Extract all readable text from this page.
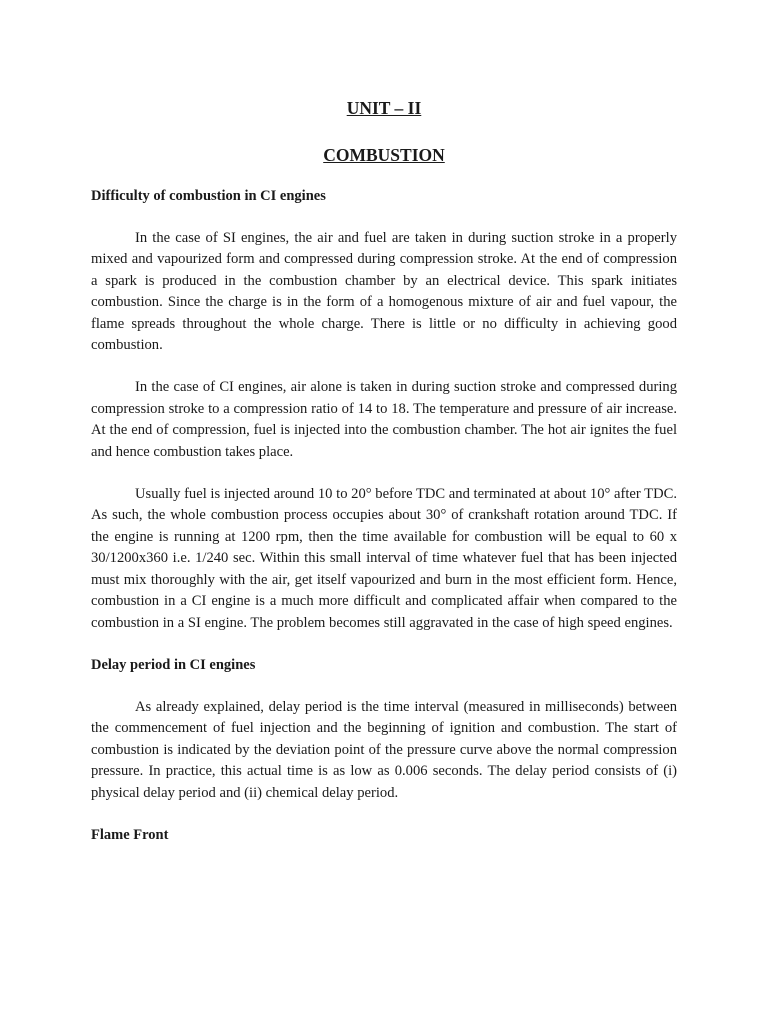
UNIT – II
COMBUSTION
Difficulty of combustion in CI engines

In the case of SI engines, the air and fuel are taken in during suction stroke in a properly mixed and vapourized form and compressed during compression stroke. At the end of compression a spark is produced in the combustion chamber by an electrical device. This spark initiates combustion. Since the charge is in the form of a homogenous mixture of air and fuel vapour, the flame spreads throughout the whole charge. There is little or no difficulty in achieving good combustion.

In the case of CI engines, air alone is taken in during suction stroke and compressed during compression stroke to a compression ratio of 14 to 18. The temperature and pressure of air increase. At the end of compression, fuel is injected into the combustion chamber. The hot air ignites the fuel and hence combustion takes place.

Usually fuel is injected around 10 to 20° before TDC and terminated at about 10° after TDC. As such, the whole combustion process occupies about 30° of crankshaft rotation around TDC. If the engine is running at 1200 rpm, then the time available for combustion will be equal to 60 x 30/1200x360 i.e. 1/240 sec. Within this small interval of time whatever fuel that has been injected must mix thoroughly with the air, get itself vapourized and burn in the most efficient form. Hence, combustion in a CI engine is a much more difficult and complicated affair when compared to the combustion in a SI engine. The problem becomes still aggravated in the case of high speed engines.

Delay period in CI engines

As already explained, delay period is the time interval (measured in milliseconds) between the commencement of fuel injection and the beginning of ignition and combustion. The start of combustion is indicated by the deviation point of the pressure curve above the normal compression pressure. In practice, this actual time is as low as 0.006 seconds. The delay period consists of (i) physical delay period and (ii) chemical delay period.

Flame Front
